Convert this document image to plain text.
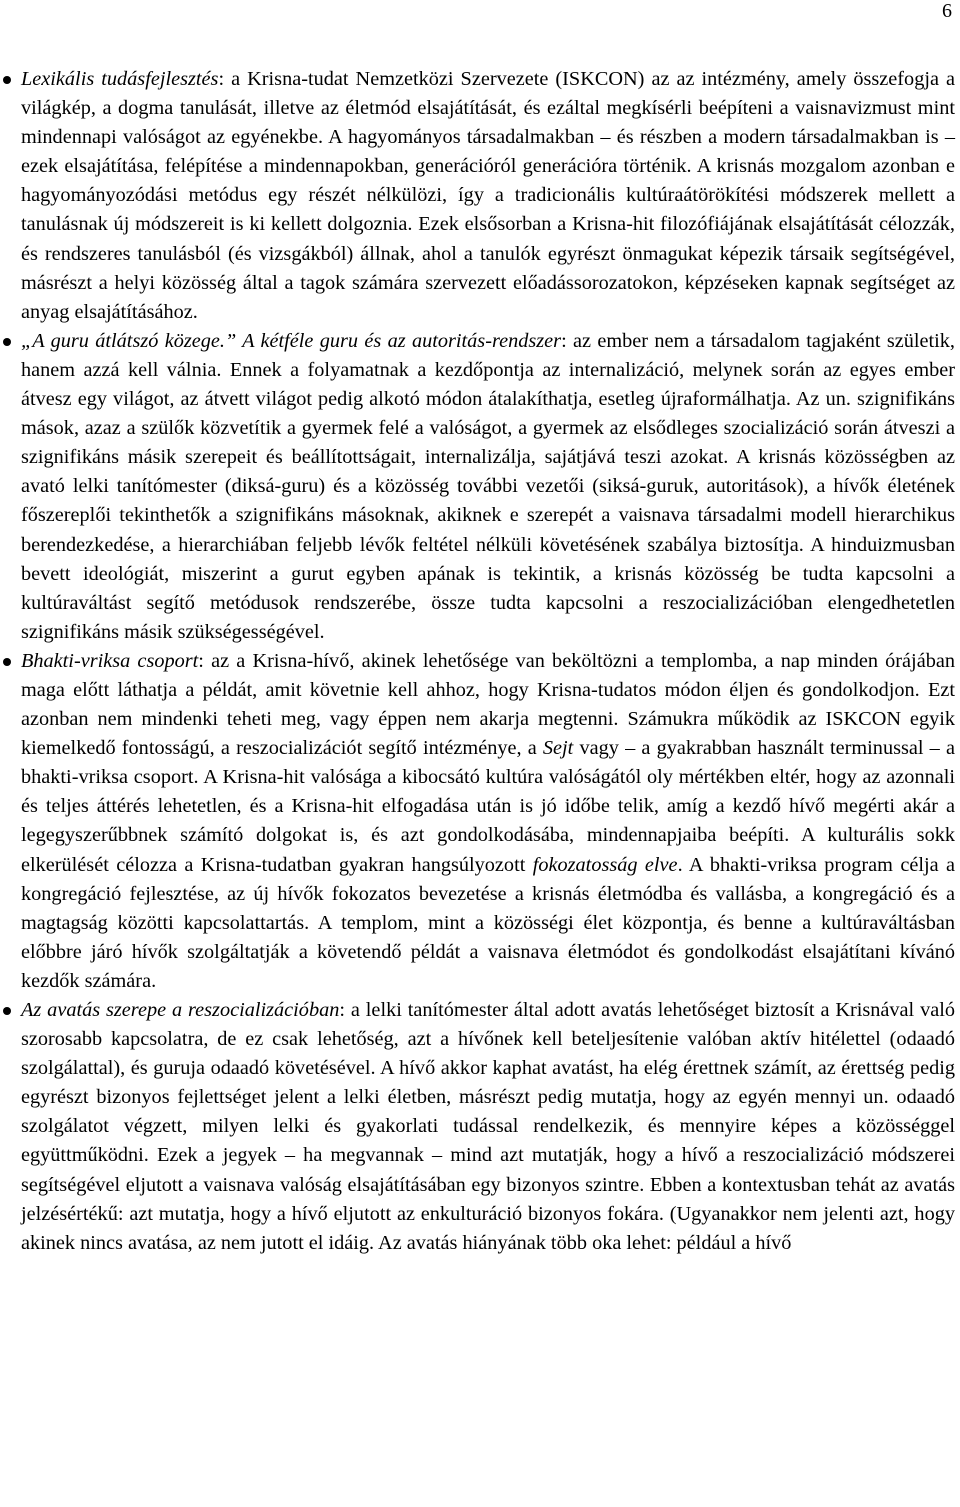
6

Lexikális tudásfejlesztés: a Krisna-tudat Nemzetközi Szervezete (ISKCON) az az intézmény, amely összefogja a világkép, a dogma tanulását, illetve az életmód elsajátítását, és ezáltal megkísérli beépíteni a vaisnavizmust mint mindennapi valóságot az egyénekbe. A hagyományos társadalmakban – és részben a modern társadalmakban is – ezek elsajátítása, felépítése a mindennapokban, generációról generációra történik. A krisnás mozgalom azonban e hagyományozódási metódus egy részét nélkülözi, így a tradicionális kultúraátörökítési módszerek mellett a tanulásnak új módszereit is ki kellett dolgoznia. Ezek elsősorban a Krisna-hit filozófiájának elsajátítását célozzák, és rendszeres tanulásból (és vizsgákból) állnak, ahol a tanulók egyrészt önmagukat képezik társaik segítségével, másrészt a helyi közösség által a tagok számára szervezett előadássorozatokon, képzéseken kapnak segítséget az anyag elsajátításához.

„A guru átlátszó közege.” A kétféle guru és az autoritás-rendszer: az ember nem a társadalom tagjaként születik, hanem azzá kell válnia. Ennek a folyamatnak a kezdőpontja az internalizáció, melynek során az egyes ember átvesz egy világot, az átvett világot pedig alkotó módon átalakíthatja, esetleg újraformálhatja. Az un. szignifikáns mások, azaz a szülők közvetítik a gyermek felé a valóságot, a gyermek az elsődleges szocializáció során átveszi a szignifikáns másik szerepeit és beállítottságait, internalizálja, sajátjává teszi azokat. A krisnás közösségben az avató lelki tanítómester (diksá-guru) és a közösség további vezetői (siksá-guruk, autoritások), a hívők életének főszereplői tekinthetők a szignifikáns másoknak, akiknek e szerepét a vaisnava társadalmi modell hierarchikus berendezkedése, a hierarchiában feljebb lévők feltétel nélküli követésének szabálya biztosítja. A hinduizmusban bevett ideológiát, miszerint a gurut egyben apának is tekintik, a krisnás közösség be tudta kapcsolni a kultúraváltást segítő metódusok rendszerébe, össze tudta kapcsolni a reszocializációban elengedhetetlen szignifikáns másik szükségességével.

Bhakti-vriksa csoport: az a Krisna-hívő, akinek lehetősége van beköltözni a templomba, a nap minden órájában maga előtt láthatja a példát, amit követnie kell ahhoz, hogy Krisna-tudatos módon éljen és gondolkodjon. Ezt azonban nem mindenki teheti meg, vagy éppen nem akarja megtenni. Számukra működik az ISKCON egyik kiemelkedő fontosságú, a reszocializációt segítő intézménye, a Sejt vagy – a gyakrabban használt terminussal – a bhakti-vriksa csoport. A Krisna-hit valósága a kibocsátó kultúra valóságától oly mértékben eltér, hogy az azonnali és teljes áttérés lehetetlen, és a Krisna-hit elfogadása után is jó időbe telik, amíg a kezdő hívő megérti akár a legegyszerűbbnek számító dolgokat is, és azt gondolkodásába, mindennapjaiba beépíti. A kulturális sokk elkerülését célozza a Krisna-tudatban gyakran hangsúlyozott fokozatosság elve. A bhakti-vriksa program célja a kongregáció fejlesztése, az új hívők fokozatos bevezetése a krisnás életmódba és vallásba, a kongregáció és a magtagság közötti kapcsolattartás. A templom, mint a közösségi élet központja, és benne a kultúraváltásban előbbre járó hívők szolgáltatják a követendő példát a vaisnava életmódot és gondolkodást elsajátítani kívánó kezdők számára.

Az avatás szerepe a reszocializációban: a lelki tanítómester által adott avatás lehetőséget biztosít a Krisnával való szorosabb kapcsolatra, de ez csak lehetőség, azt a hívőnek kell beteljesítenie valóban aktív hitélettel (odaadó szolgálattal), és guruja odaadó követésével. A hívő akkor kaphat avatást, ha elég érettnek számít, az érettség pedig egyrészt bizonyos fejlettséget jelent a lelki életben, másrészt pedig mutatja, hogy az egyén mennyi un. odaadó szolgálatot végzett, milyen lelki és gyakorlati tudással rendelkezik, és mennyire képes a közösséggel együttműködni. Ezek a jegyek – ha megvannak – mind azt mutatják, hogy a hívő a reszocializáció módszerei segítségével eljutott a vaisnava valóság elsajátításában egy bizonyos szintre. Ebben a kontextusban tehát az avatás jelzésértékű: azt mutatja, hogy a hívő eljutott az enkulturáció bizonyos fokára. (Ugyanakkor nem jelenti azt, hogy akinek nincs avatása, az nem jutott el idáig. Az avatás hiányának több oka lehet: például a hívő
